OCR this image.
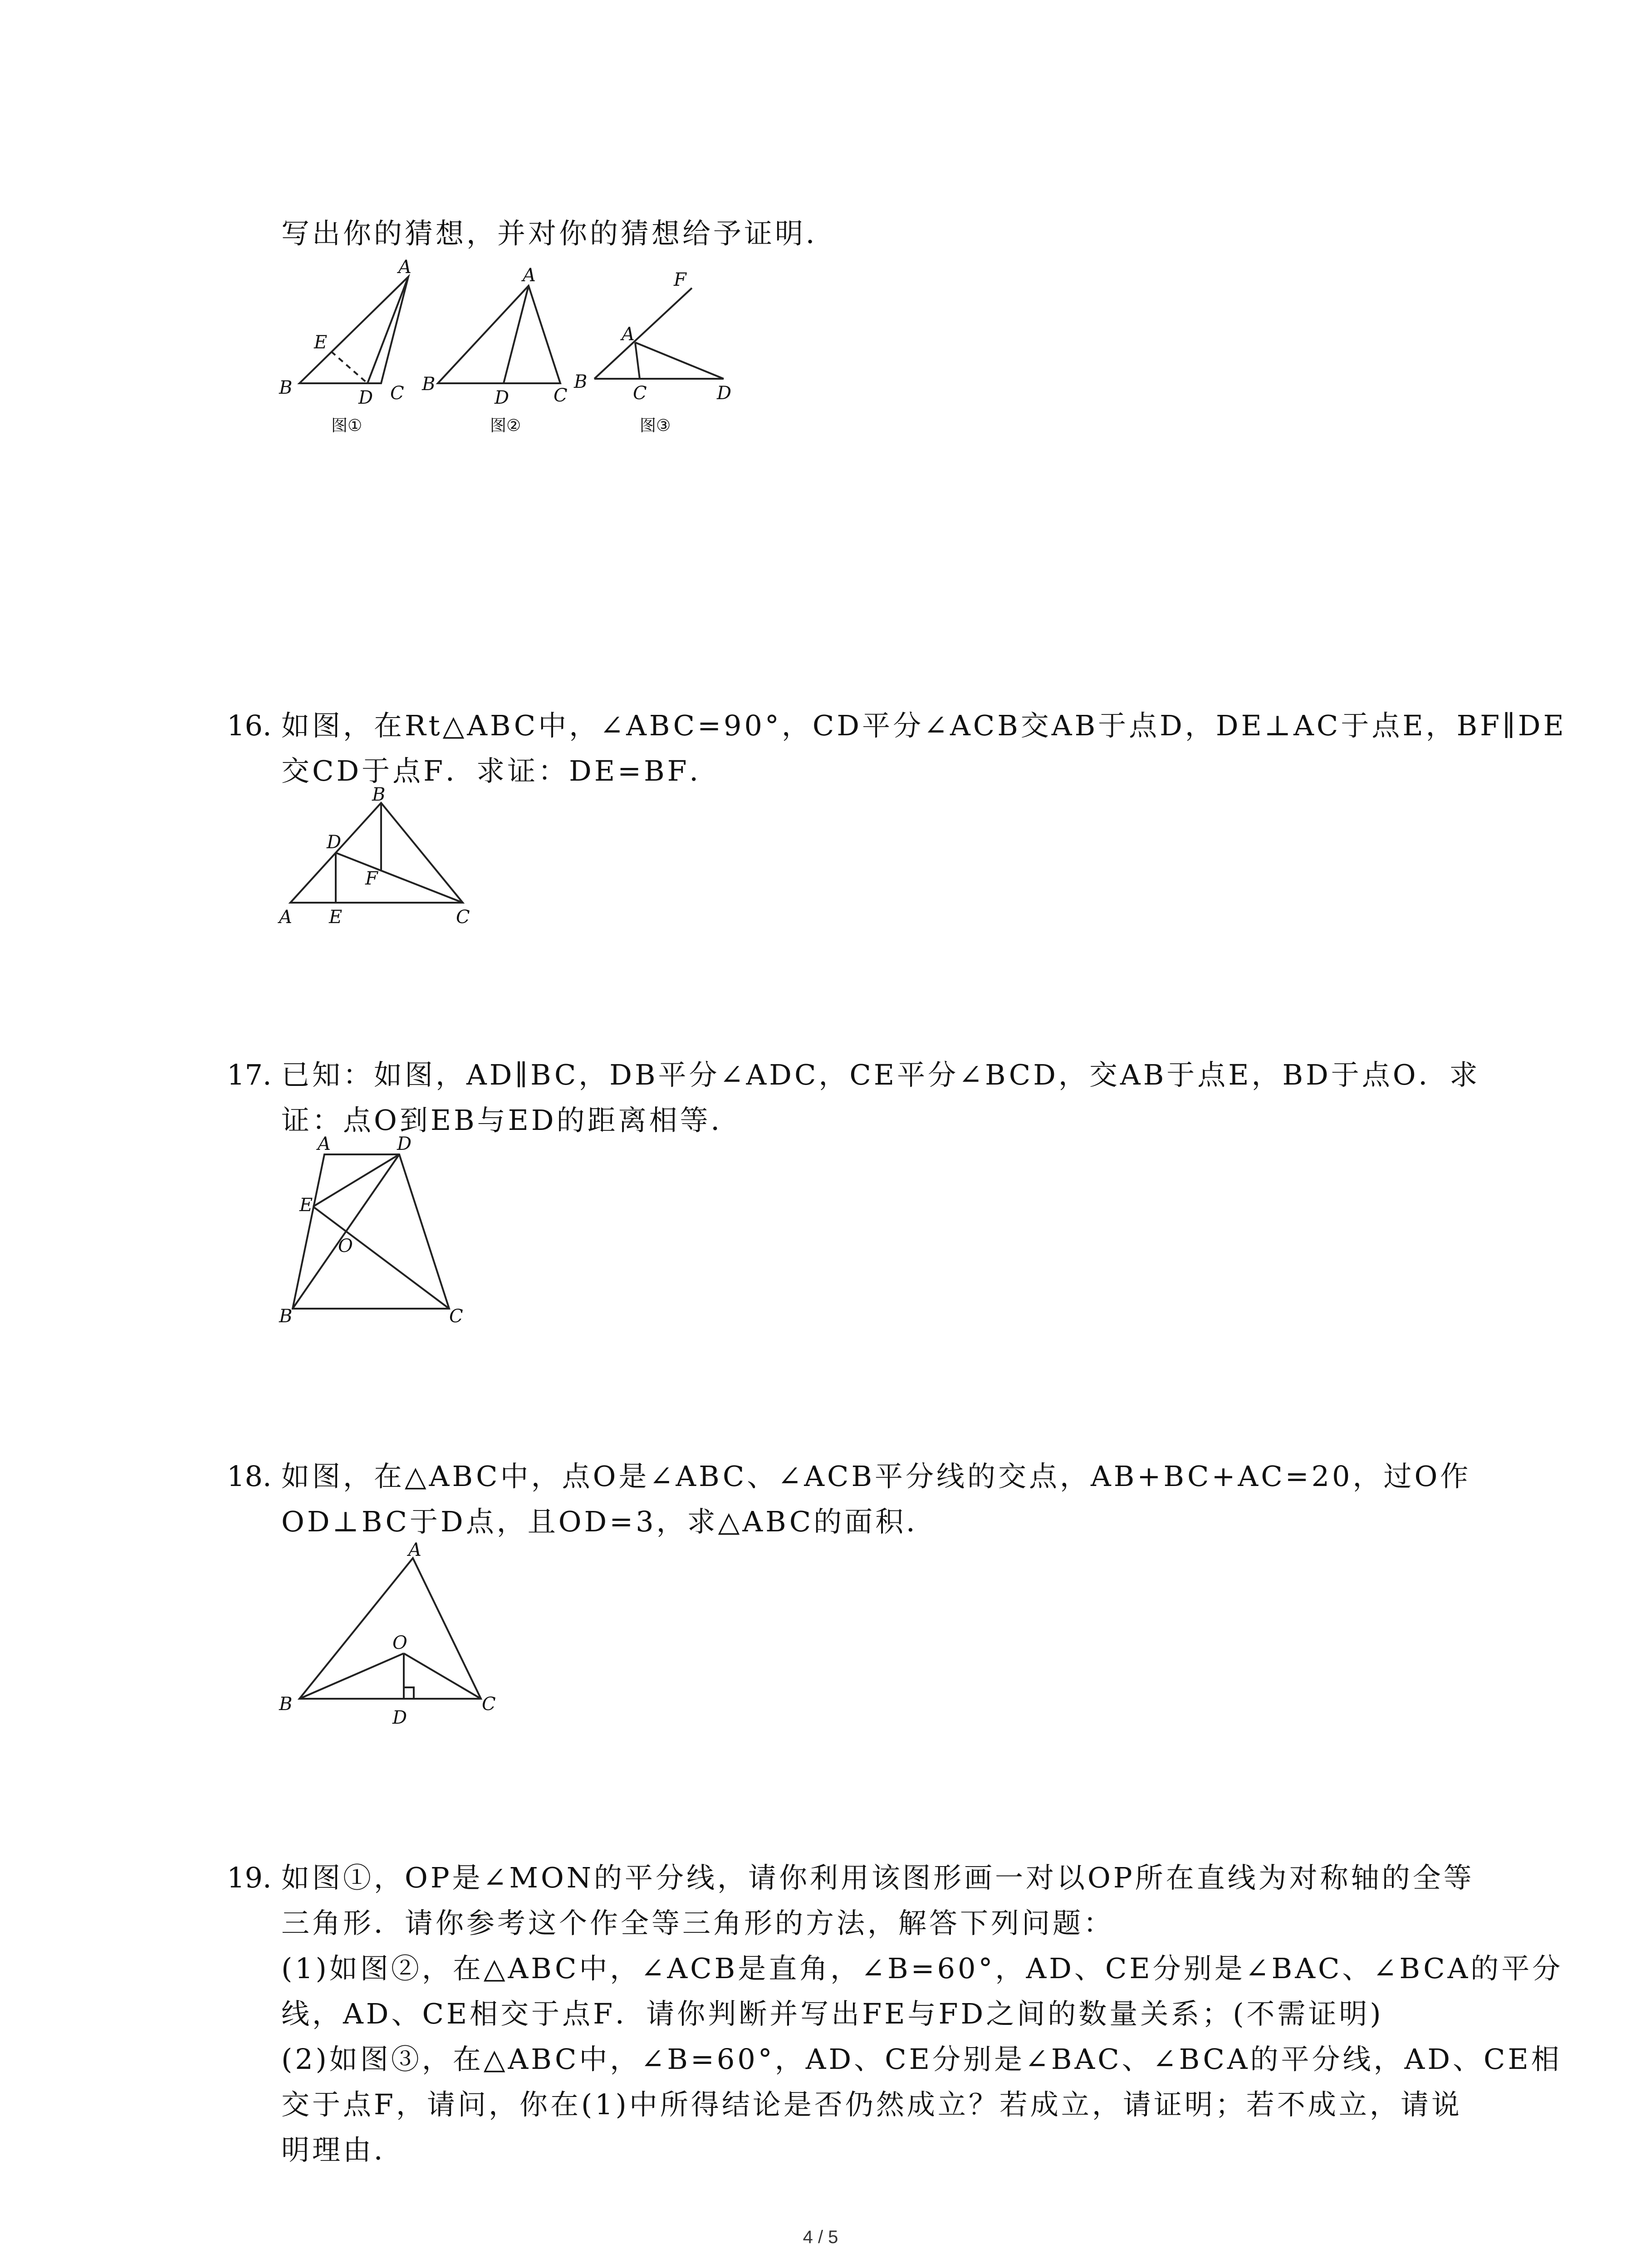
写出你的猜想，并对你的猜想给予证明．
A
E
B	D C
图①
A
B
D C
图②
F
A
B
C	D
图③
16. 如图，在Rt△ABC中，∠ABC=90°，CD平分∠ACB交AB于点D，DE⊥AC于点E，BF∥DE
交CD于点F．求证：DE=BF．
B
D
F
A E	C
17. 已知：如图，AD∥BC，DB平分∠ADC，CE平分∠BCD，交AB于点E，BD于点O．求
证：点O到EB与ED的距离相等．
A	D
E
O
B	C
18. 如图，在△ABC中，点O是∠ABC、∠ACB平分线的交点，AB+BC+AC=20，过O作
OD⊥BC于D点，且OD=3，求△ABC的面积．
A
O
B
D
C
19. 如图①，OP是∠MON的平分线，请你利用该图形画一对以OP所在直线为对称轴的全等
三角形．请你参考这个作全等三角形的方法，解答下列问题：
(1)如图②，在△ABC中，∠ACB是直角，∠B=60°，AD、CE分别是∠BAC、∠BCA的平分
线，AD、CE相交于点F．请你判断并写出FE与FD之间的数量关系；(不需证明)
(2)如图③，在△ABC中，∠B=60°，AD、CE分别是∠BAC、∠BCA的平分线，AD、CE相
交于点F，请问，你在(1)中所得结论是否仍然成立？若成立，请证明；若不成立，请说
明理由．
4 / 5
